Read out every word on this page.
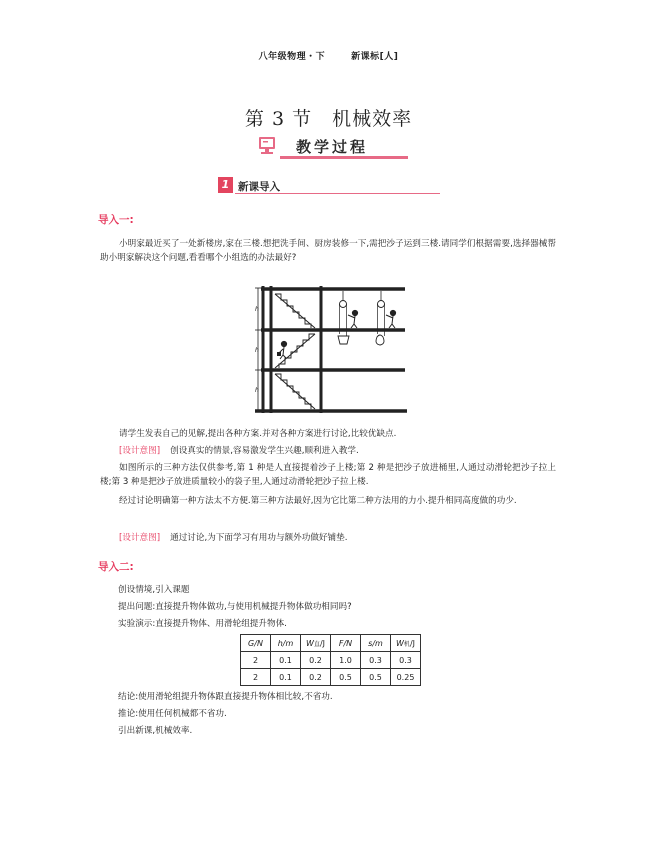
八年级物理・下	新课标[人]
第 3 节　机械效率
教学过程
1 新课导入
导入一:
小明家最近买了一处新楼房,家在三楼.想把洗手间、厨房装修一下,需把沙子运到三楼.请同学们根据需要,选择器械帮助小明家解决这个问题,看看哪个小组选的办法最好?
h
h
h
请学生发表自己的见解,提出各种方案.并对各种方案进行讨论,比较优缺点.
[设计意图] 创设真实的情景,容易激发学生兴趣,顺利进入教学.
如图所示的三种方法仅供参考,第 1 种是人直接提着沙子上楼;第 2 种是把沙子放进桶里,人通过动滑轮把沙子拉上楼;第 3 种是把沙子放进质量较小的袋子里,人通过动滑轮把沙子拉上楼.
经过讨论明确第一种方法太不方便.第三种方法最好,因为它比第二种方法用的力小.提升相同高度做的功少.
[设计意图] 通过讨论,为下面学习有用功与额外功做好铺垫.
导入二:
创设情境,引入课题
提出问题:直接提升物体做功,与使用机械提升物体做功相同吗?
实验演示:直接提升物体、用滑轮组提升物体.
G/N	h/m	W直/J	F/N	s/m	W机/J
2	0.1	0.2	1.0	0.3	0.3
2	0.1	0.2	0.5	0.5	0.25
结论:使用滑轮组提升物体跟直接提升物体相比较,不省功.
推论:使用任何机械都不省功.
引出新课,机械效率.
